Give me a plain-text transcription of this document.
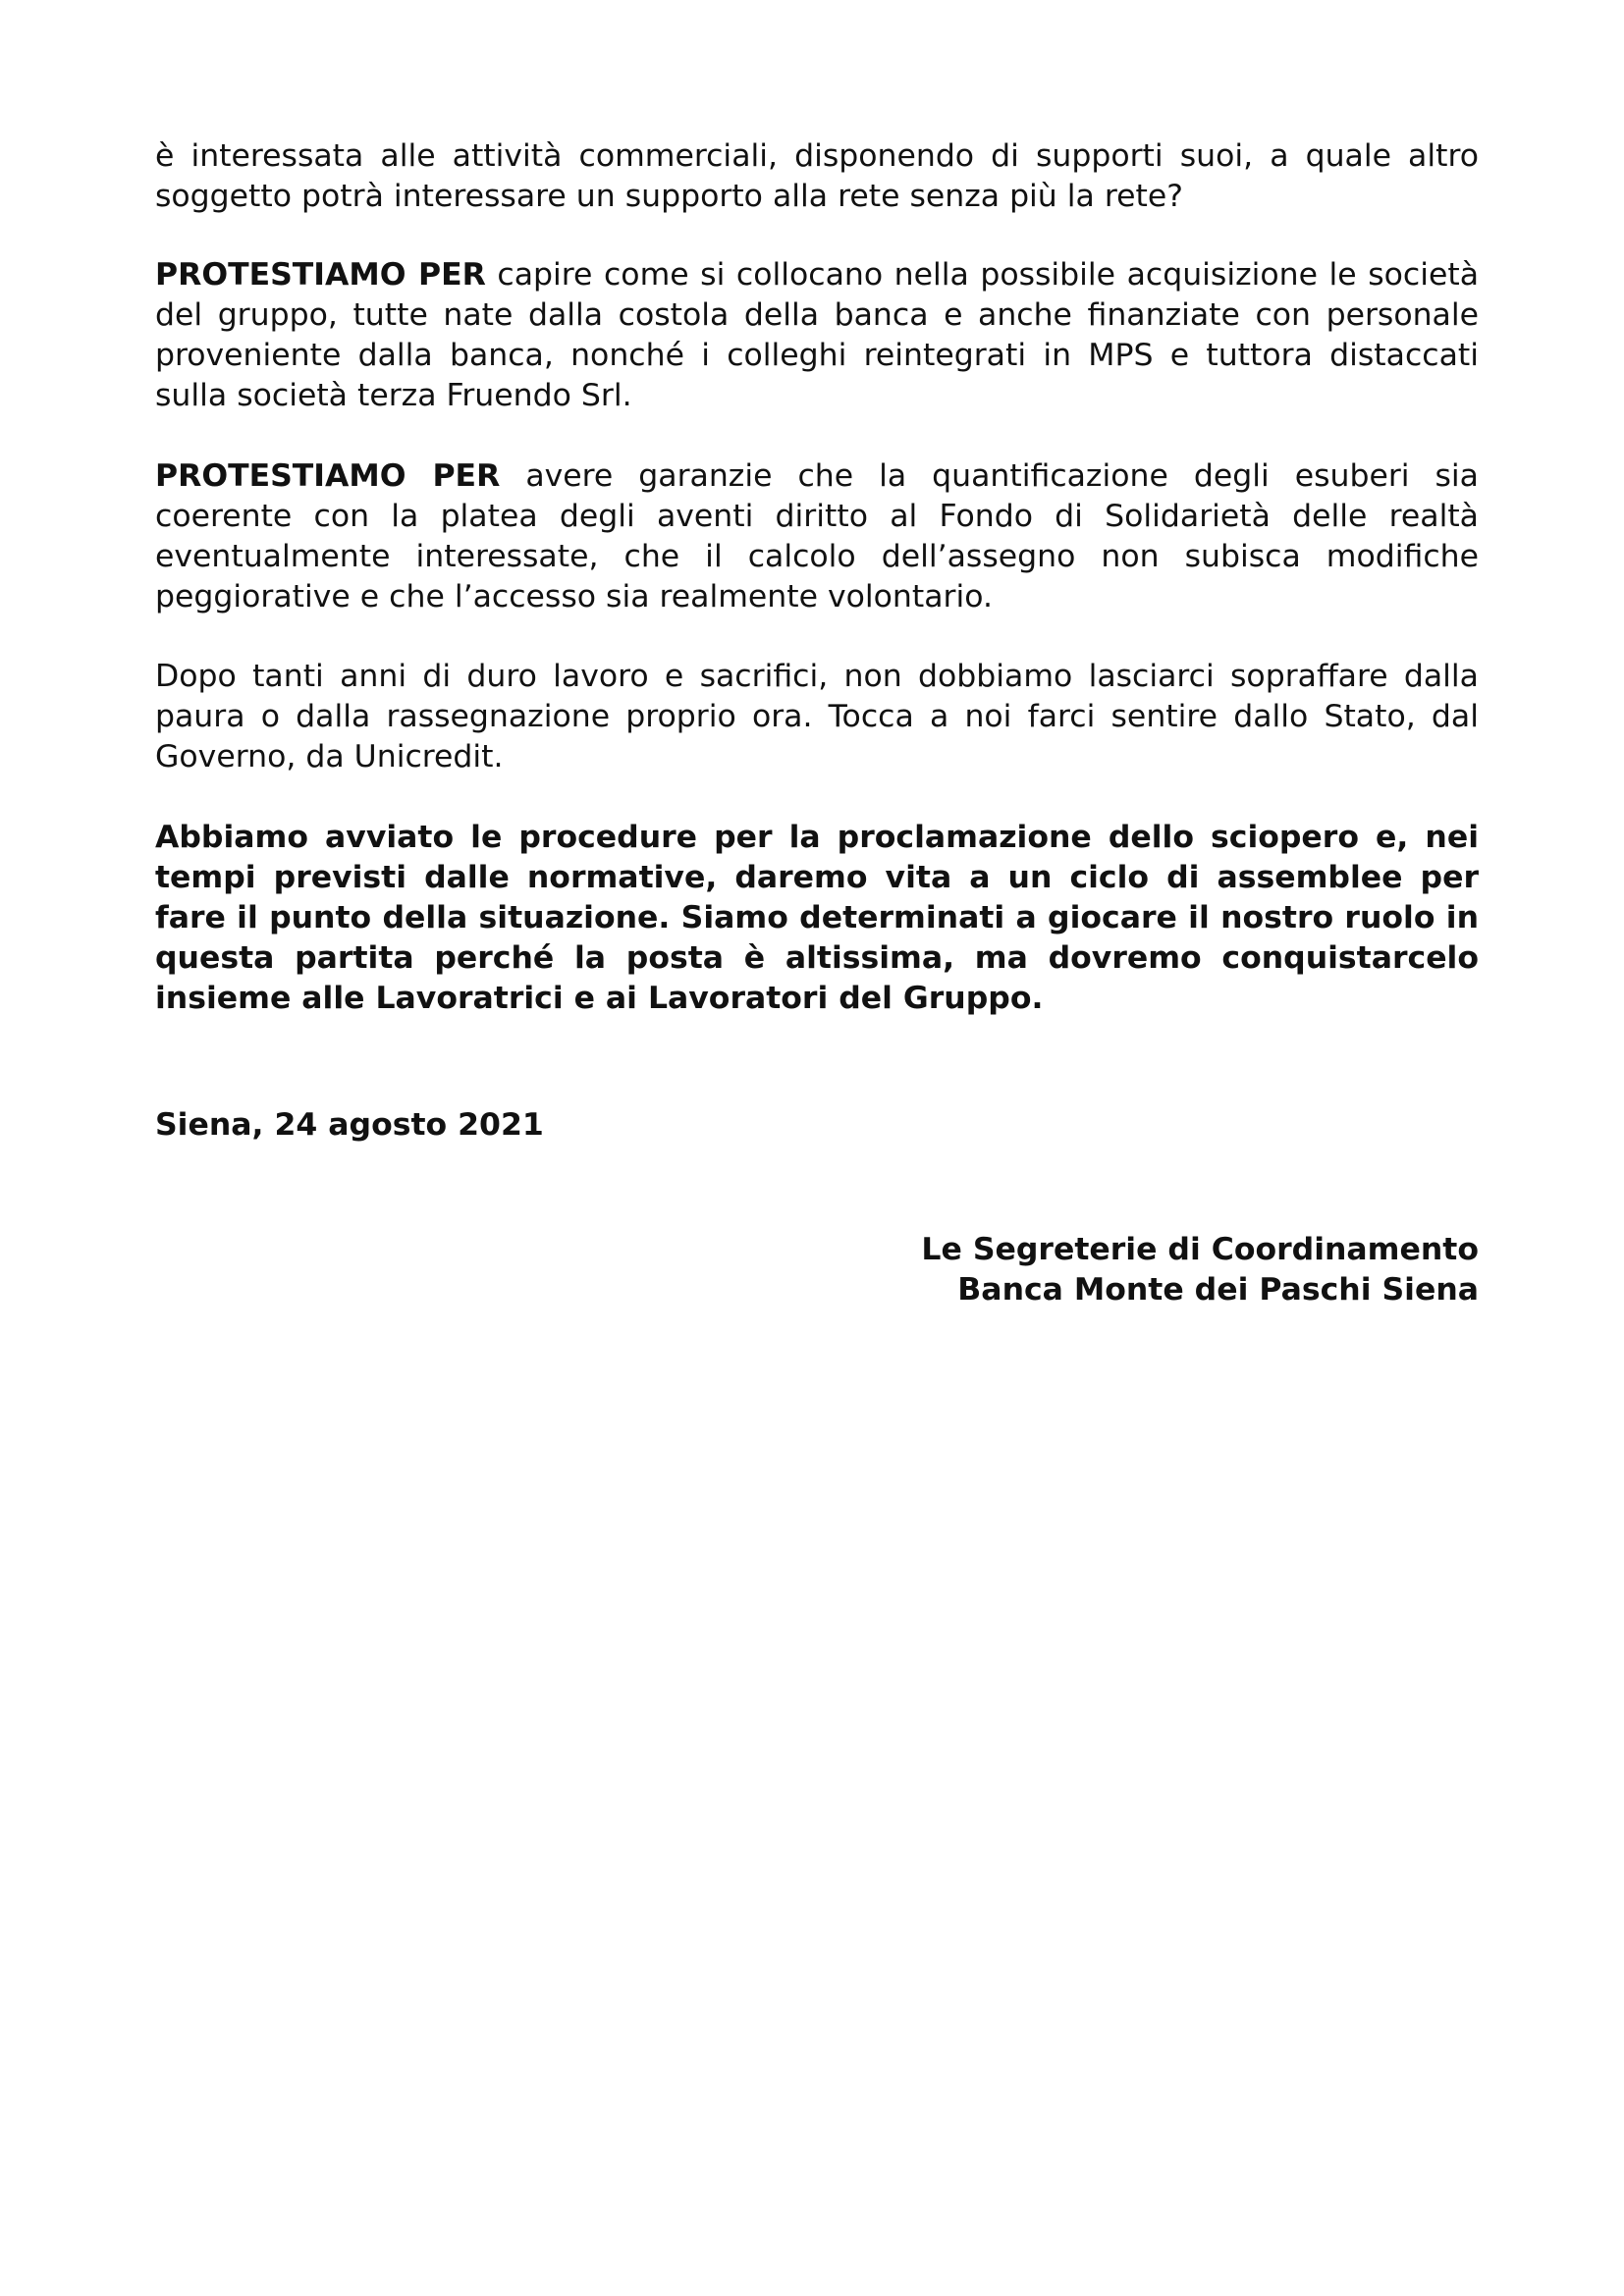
è interessata alle attività commerciali, disponendo di supporti suoi, a quale altro soggetto potrà interessare un supporto alla rete senza più la rete?

PROTESTIAMO PER capire come si collocano nella possibile acquisizione le società del gruppo, tutte nate dalla costola della banca e anche finanziate con personale proveniente dalla banca, nonché i colleghi reintegrati in MPS e tuttora distaccati sulla società terza Fruendo Srl.

PROTESTIAMO PER avere garanzie che la quantificazione degli esuberi sia coerente con la platea degli aventi diritto al Fondo di Solidarietà delle realtà eventualmente interessate, che il calcolo dell’assegno non subisca modifiche peggiorative e che l’accesso sia realmente volontario.

Dopo tanti anni di duro lavoro e sacrifici, non dobbiamo lasciarci sopraffare dalla paura o dalla rassegnazione proprio ora. Tocca a noi farci sentire dallo Stato, dal Governo, da Unicredit.

Abbiamo avviato le procedure per la proclamazione dello sciopero e, nei tempi previsti dalle normative, daremo vita a un ciclo di assemblee per fare il punto della situazione. Siamo determinati a giocare il nostro ruolo in questa partita perché la posta è altissima, ma dovremo conquistarcelo insieme alle Lavoratrici e ai Lavoratori del Gruppo.

Siena, 24 agosto 2021

Le Segreterie di Coordinamento

Banca Monte dei Paschi Siena
